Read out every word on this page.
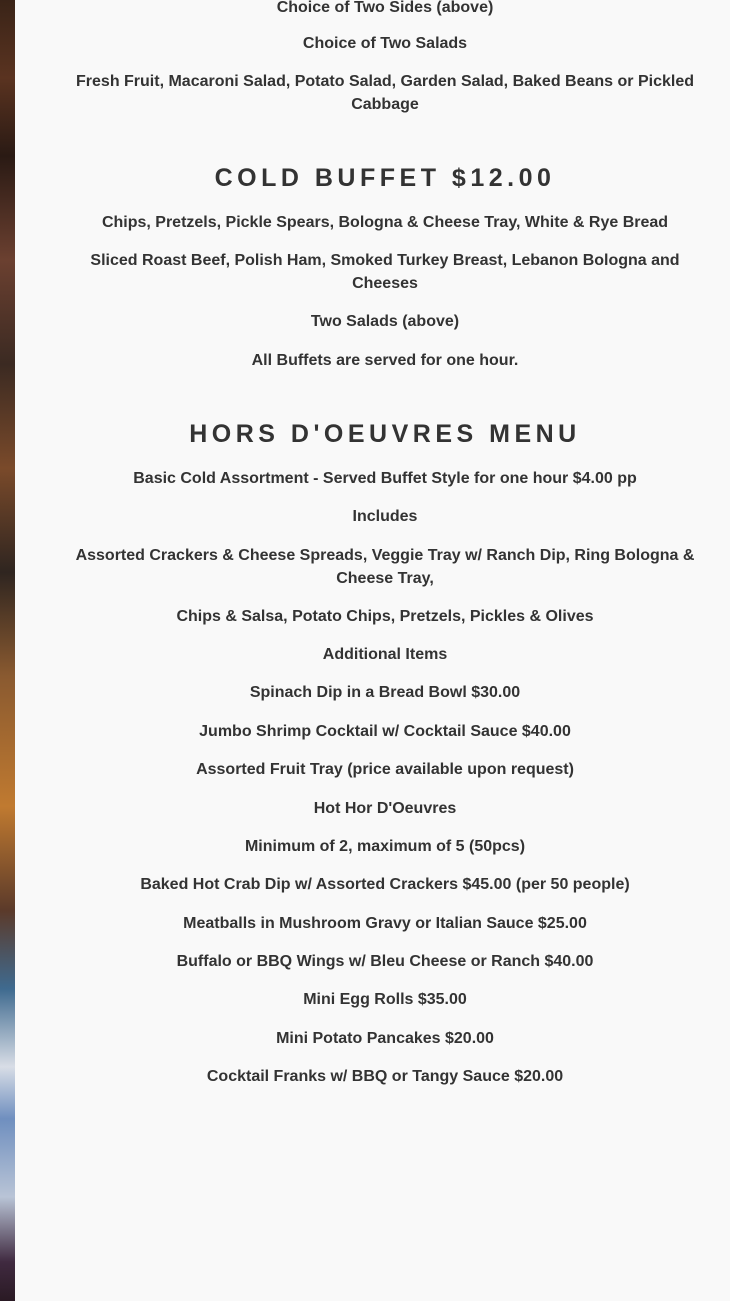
Choice of Two Sides (above)
Choice of Two Salads
Fresh Fruit, Macaroni Salad, Potato Salad, Garden Salad, Baked Beans or Pickled Cabbage
COLD BUFFET $12.00
Chips, Pretzels, Pickle Spears, Bologna & Cheese Tray, White & Rye Bread
Sliced Roast Beef, Polish Ham, Smoked Turkey Breast, Lebanon Bologna and Cheeses
Two Salads (above)
All Buffets are served for one hour.
HORS D'OEUVRES MENU
Basic Cold Assortment - Served Buffet Style for one hour $4.00 pp
Includes
Assorted Crackers & Cheese Spreads, Veggie Tray w/ Ranch Dip, Ring Bologna & Cheese Tray,
Chips & Salsa, Potato Chips, Pretzels, Pickles & Olives
Additional Items
Spinach Dip in a Bread Bowl $30.00
Jumbo Shrimp Cocktail w/ Cocktail Sauce $40.00
Assorted Fruit Tray (price available upon request)
Hot Hor D'Oeuvres
Minimum of 2, maximum of 5 (50pcs)
Baked Hot Crab Dip w/ Assorted Crackers $45.00 (per 50 people)
Meatballs in Mushroom Gravy or Italian Sauce $25.00
Buffalo or BBQ Wings w/ Bleu Cheese or Ranch $40.00
Mini Egg Rolls $35.00
Mini Potato Pancakes $20.00
Cocktail Franks w/ BBQ or Tangy Sauce $20.00
